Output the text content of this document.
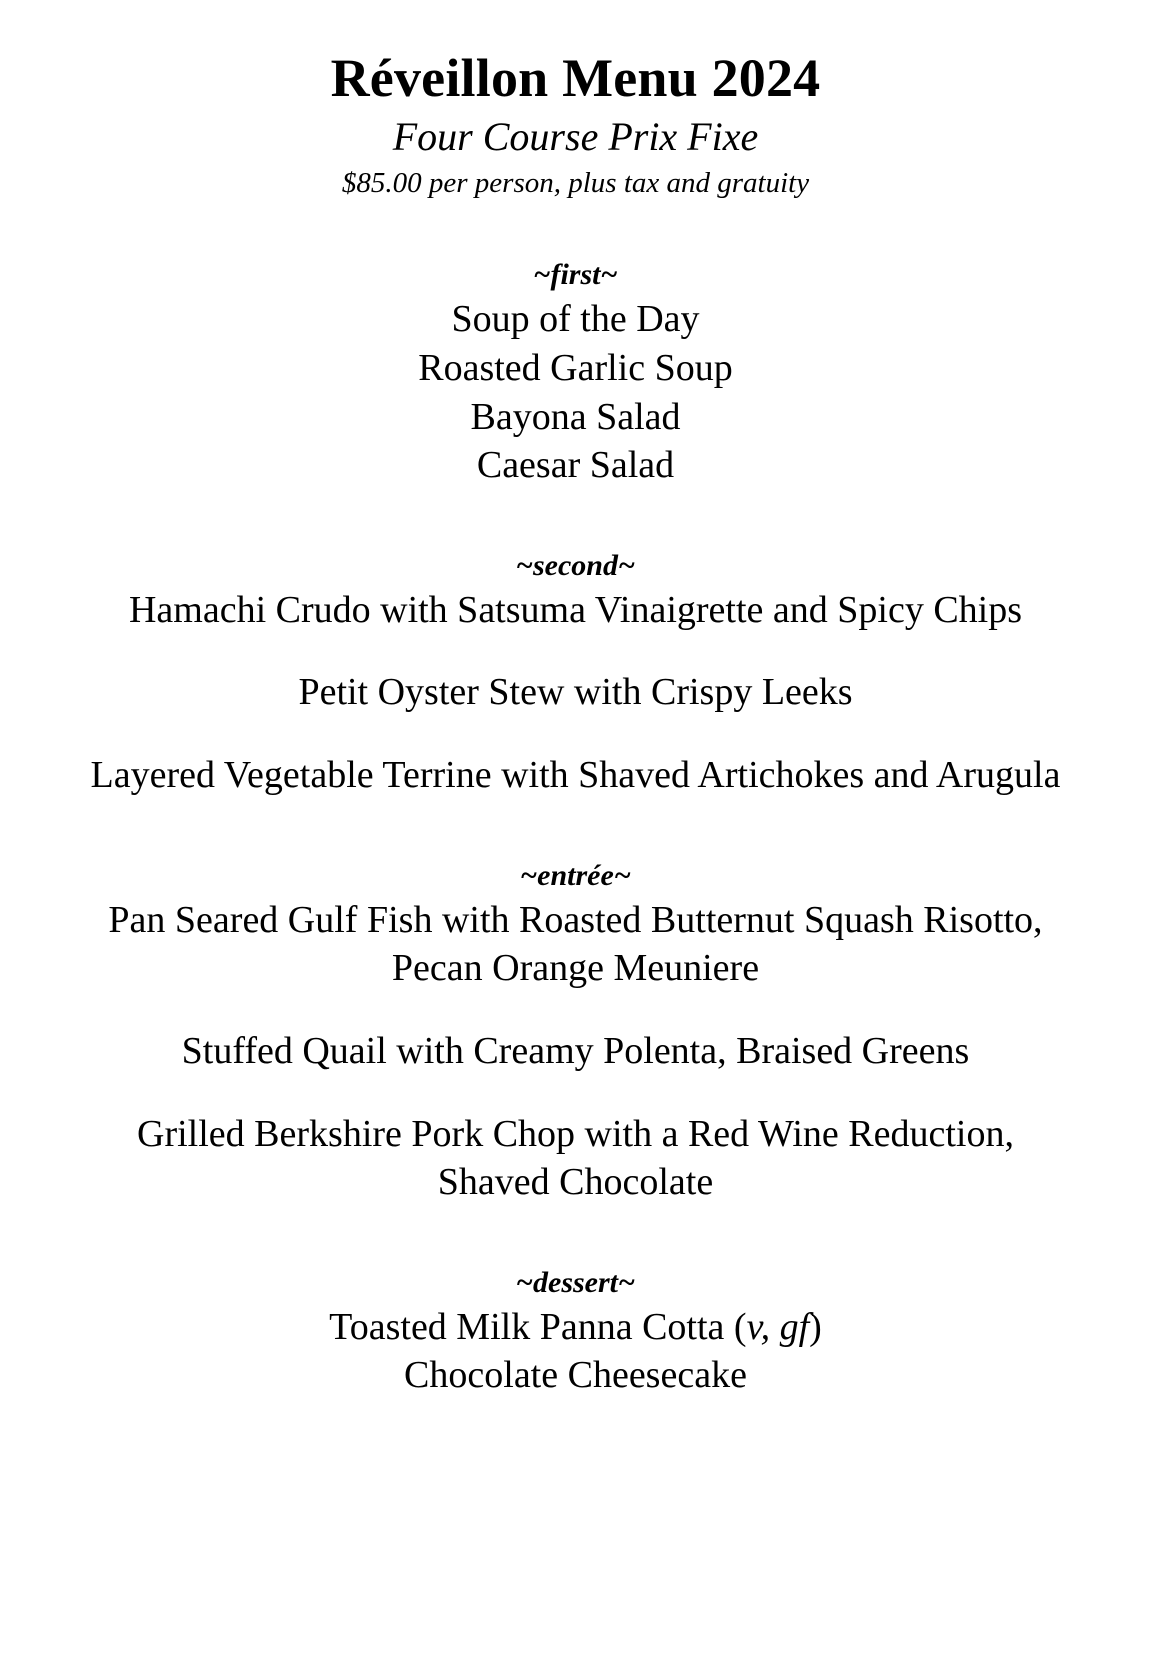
Réveillon Menu 2024
Four Course Prix Fixe
$85.00 per person, plus tax and gratuity
~first~
Soup of the Day
Roasted Garlic Soup
Bayona Salad
Caesar Salad
~second~
Hamachi Crudo with Satsuma Vinaigrette and Spicy Chips
Petit Oyster Stew with Crispy Leeks
Layered Vegetable Terrine with Shaved Artichokes and Arugula
~entrée~
Pan Seared Gulf Fish with Roasted Butternut Squash Risotto,
Pecan Orange Meuniere
Stuffed Quail with Creamy Polenta, Braised Greens
Grilled Berkshire Pork Chop with a Red Wine Reduction,
Shaved Chocolate
~dessert~
Toasted Milk Panna Cotta (v, gf)
Chocolate Cheesecake
